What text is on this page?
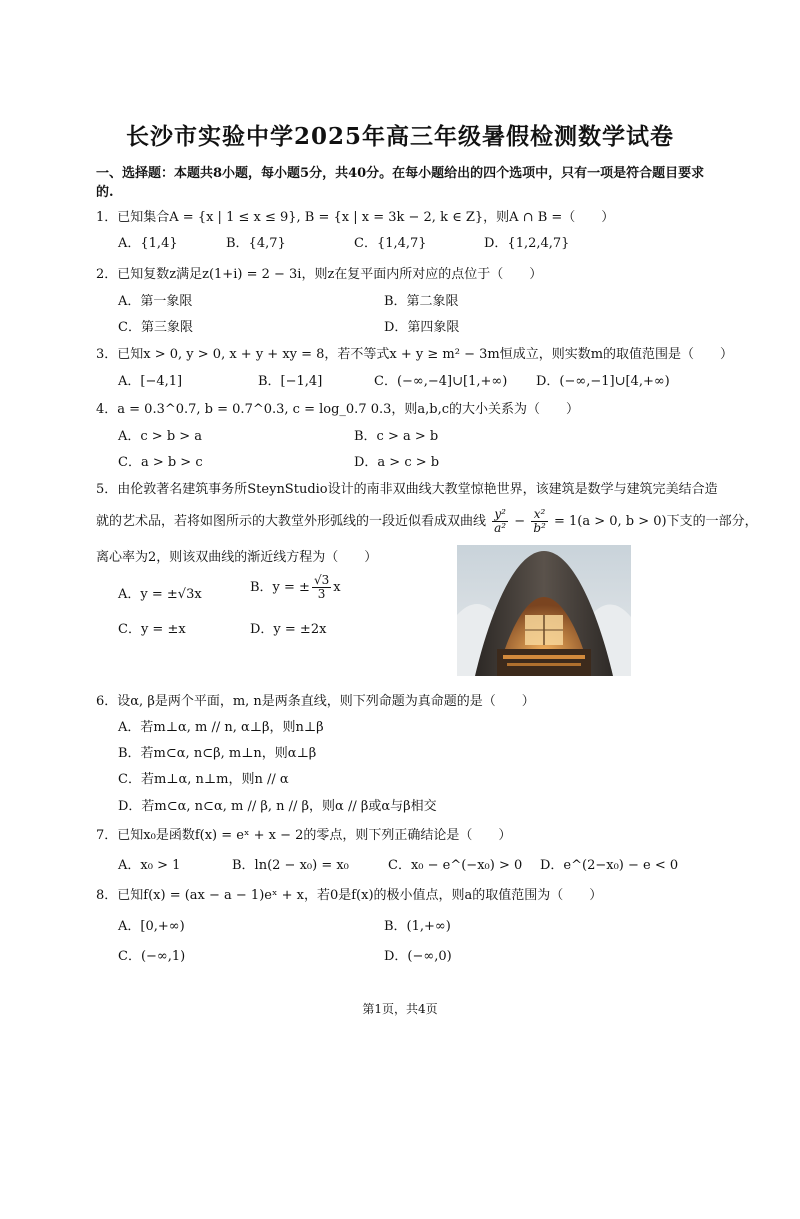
长沙市实验中学2025年高三年级暑假检测数学试卷
一、选择题：本题共8小题，每小题5分，共40分。在每小题给出的四个选项中，只有一项是符合题目要求的.
1．已知集合A = {x | 1 ≤ x ≤ 9}, B = {x | x = 3k − 2, k ∈ Z}，则A ∩ B =（　　）
A．{1,4}	B．{4,7}	C．{1,4,7}	D．{1,2,4,7}
2．已知复数z满足z(1+i) = 2 − 3i，则z在复平面内所对应的点位于（　　）
A．第一象限	B．第二象限
C．第三象限	D．第四象限
3．已知x > 0, y > 0, x + y + xy = 8，若不等式x + y ≥ m² − 3m恒成立，则实数m的取值范围是（　　）
A．[−4,1]	B．[−1,4]	C．(−∞,−4]∪[1,+∞) D．(−∞,−1]∪[4,+∞)
4．a = 0.3^0.7, b = 0.7^0.3, c = log_0.7 0.3，则a,b,c的大小关系为（　　）
A．c > b > a	B．c > a > b
C．a > b > c	D．a > c > b
5．由伦敦著名建筑事务所SteynStudio设计的南非双曲线大教堂惊艳世界，该建筑是数学与建筑完美结合造
就的艺术品，若将如图所示的大教堂外形弧线的一段近似看成双曲线 $\frac{\text{y²}}{\text{a²}} - \frac{\text{x²}}{\text{b²}} = 1(a > 0$, b > 0)下支的一部分，
离心率为2，则该双曲线的渐近线方程为（　　）
A．y = ±√3x	B．y = ± $\frac{√3}{3}$ x
C．y = ±x	D．y = ±2x
6．设α, β是两个平面，m, n是两条直线，则下列命题为真命题的是（　　）
A．若m⊥α, m // n, α⊥β，则n⊥β
B．若m⊂α, n⊂β, m⊥n，则α⊥β
C．若m⊥α, n⊥m，则n // α
D．若m⊂α, n⊂α, m // β, n // β，则α // β或α与β相交
7．已知x₀是函数f(x) = eˣ + x − 2的零点，则下列正确结论是（　　）
A．x₀ > 1	B．ln(2 − x₀) = x₀	C．x₀ − e^(−x₀) > 0 D．e^(2−x₀) − e < 0
8．已知f(x) = (ax − a − 1)eˣ + x，若0是f(x)的极小值点，则a的取值范围为（　　）
A．[0,+∞)	B．(1,+∞)
C．(−∞,1)	D．(−∞,0)
第1页，共4页
